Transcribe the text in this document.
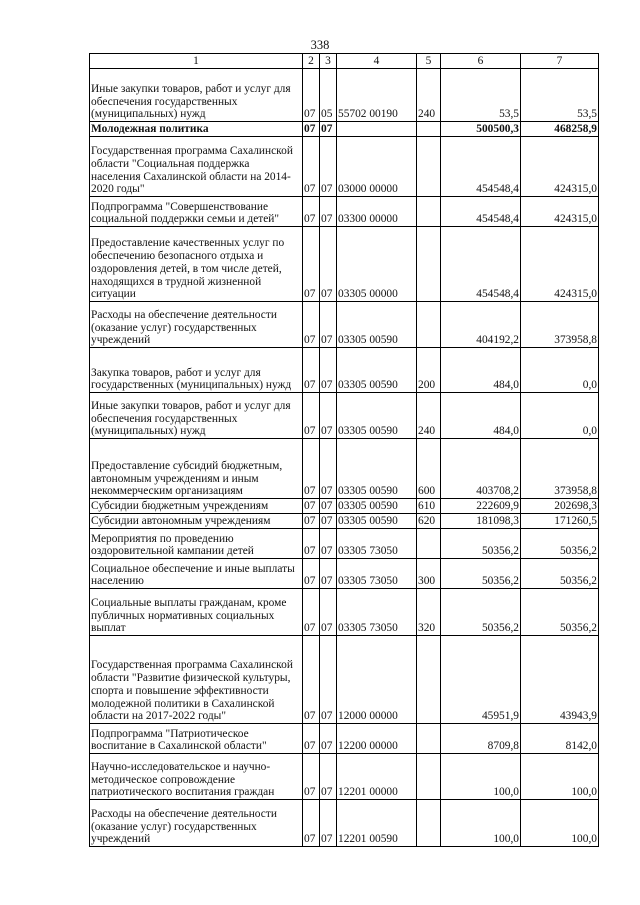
338
1	2	3	4	5	6	7
Иные закупки товаров, работ и услуг для обеспечения государственных (муниципальных) нужд	07	05	55702 00190	240	53,5	53,5
Молодежная политика	07	07			500500,3	468258,9
Государственная программа Сахалинской области "Социальная поддержка населения Сахалинской области на 2014-2020 годы"	07	07	03000 00000		454548,4	424315,0
Подпрограмма "Совершенствование социальной поддержки семьи и детей"	07	07	03300 00000		454548,4	424315,0
Предоставление качественных услуг по обеспечению безопасного отдыха и оздоровления детей, в том числе детей, находящихся в трудной жизненной ситуации	07	07	03305 00000		454548,4	424315,0
Расходы на обеспечение деятельности (оказание услуг) государственных учреждений	07	07	03305 00590		404192,2	373958,8
Закупка товаров, работ и услуг для государственных (муниципальных) нужд	07	07	03305 00590	200	484,0	0,0
Иные закупки товаров, работ и услуг для обеспечения государственных (муниципальных) нужд	07	07	03305 00590	240	484,0	0,0
Предоставление субсидий бюджетным, автономным учреждениям и иным некоммерческим организациям	07	07	03305 00590	600	403708,2	373958,8
Субсидии бюджетным учреждениям	07	07	03305 00590	610	222609,9	202698,3
Субсидии автономным учреждениям	07	07	03305 00590	620	181098,3	171260,5
Мероприятия по проведению оздоровительной кампании детей	07	07	03305 73050		50356,2	50356,2
Социальное обеспечение и иные выплаты населению	07	07	03305 73050	300	50356,2	50356,2
Социальные выплаты гражданам, кроме публичных нормативных социальных выплат	07	07	03305 73050	320	50356,2	50356,2
Государственная программа Сахалинской области "Развитие физической культуры, спорта и повышение эффективности молодежной политики в Сахалинской области на 2017-2022 годы"	07	07	12000 00000		45951,9	43943,9
Подпрограмма "Патриотическое воспитание в Сахалинской области"	07	07	12200 00000		8709,8	8142,0
Научно-исследовательское и научно-методическое сопровождение патриотического воспитания граждан	07	07	12201 00000		100,0	100,0
Расходы на обеспечение деятельности (оказание услуг) государственных учреждений	07	07	12201 00590		100,0	100,0
